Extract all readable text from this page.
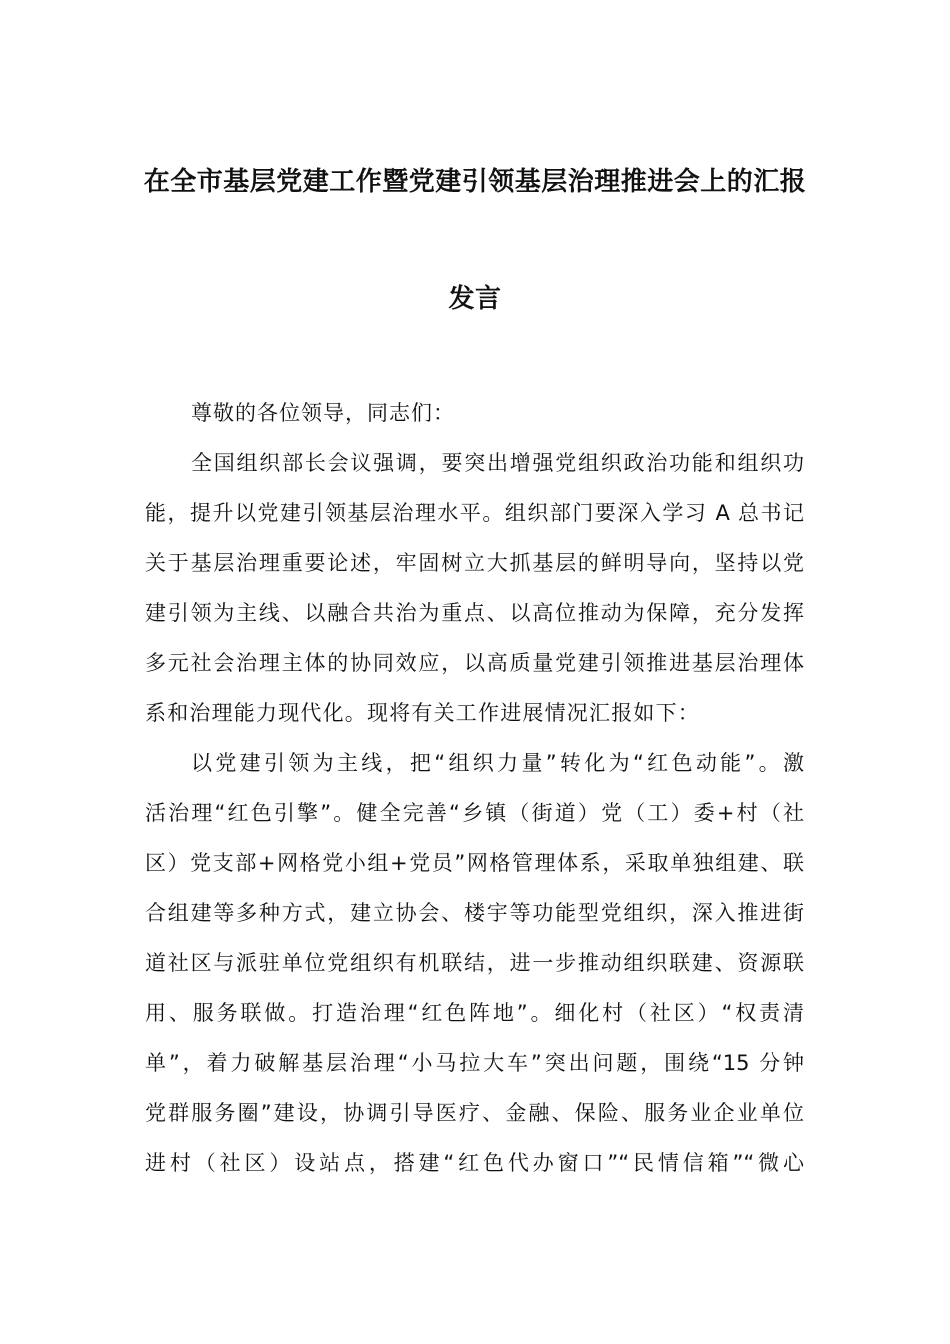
在全市基层党建工作暨党建引领基层治理推进会上的汇报
发言
尊敬的各位领导，同志们：
全国组织部长会议强调，要突出增强党组织政治功能和组织功
能，提升以党建引领基层治理水平。组织部门要深入学习 A 总书记
关于基层治理重要论述，牢固树立大抓基层的鲜明导向，坚持以党
建引领为主线、以融合共治为重点、以高位推动为保障，充分发挥
多元社会治理主体的协同效应，以高质量党建引领推进基层治理体
系和治理能力现代化。现将有关工作进展情况汇报如下：
以党建引领为主线，把“组织力量”转化为“红色动能”。激
活治理“红色引擎”。健全完善“乡镇（街道）党（工）委+村（社
区）党支部+网格党小组+党员”网格管理体系，采取单独组建、联
合组建等多种方式，建立协会、楼宇等功能型党组织，深入推进街
道社区与派驻单位党组织有机联结，进一步推动组织联建、资源联
用、服务联做。打造治理“红色阵地”。细化村（社区）“权责清
单”，着力破解基层治理“小马拉大车”突出问题，围绕“15 分钟
党群服务圈”建设，协调引导医疗、金融、保险、服务业企业单位
进村（社区）设站点，搭建“红色代办窗口”“民情信箱”“微心
